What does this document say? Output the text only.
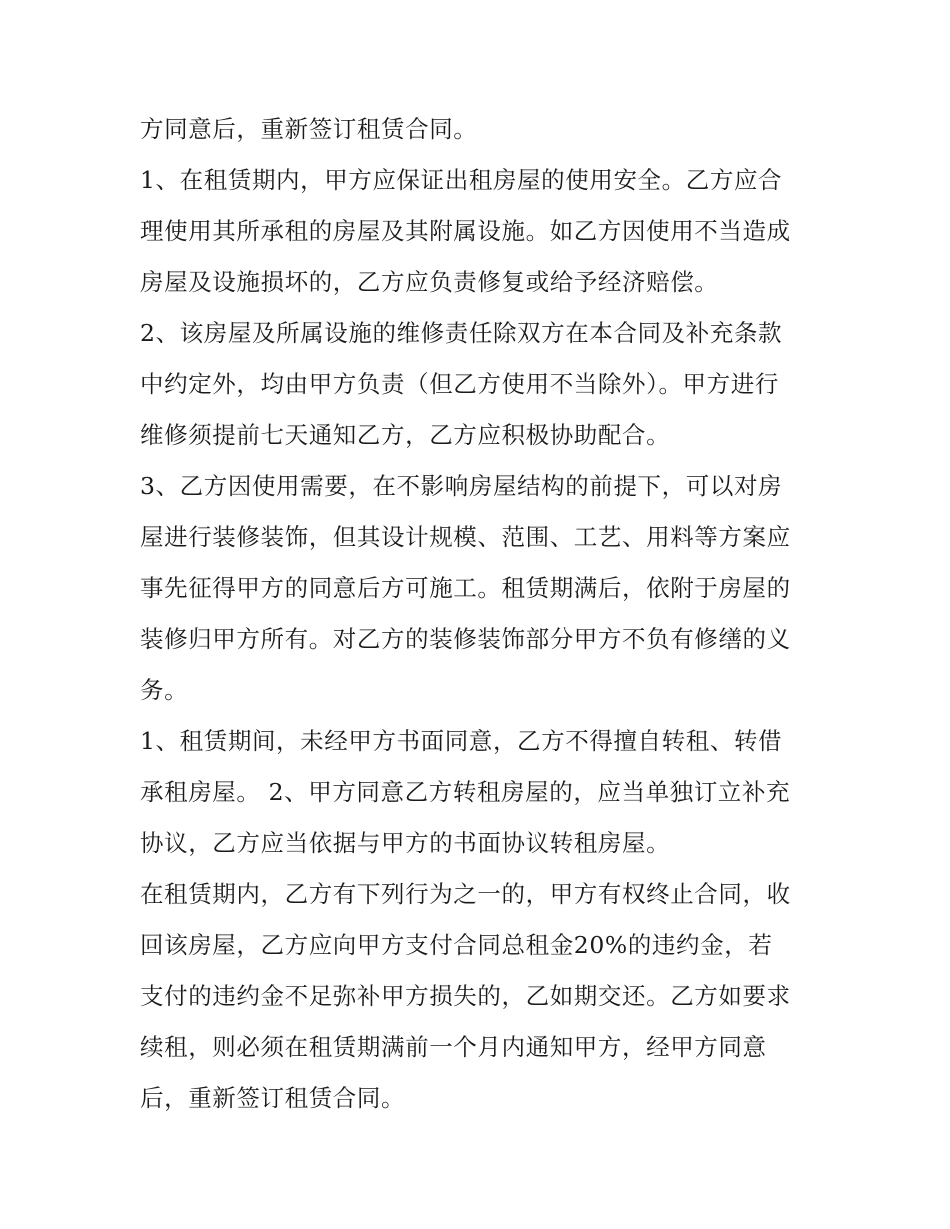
方同意后，重新签订租赁合同。
1、在租赁期内，甲方应保证出租房屋的使用安全。乙方应合
理使用其所承租的房屋及其附属设施。如乙方因使用不当造成
房屋及设施损坏的，乙方应负责修复或给予经济赔偿。
2、该房屋及所属设施的维修责任除双方在本合同及补充条款
中约定外，均由甲方负责（但乙方使用不当除外）。甲方进行
维修须提前七天通知乙方，乙方应积极协助配合。
3、乙方因使用需要，在不影响房屋结构的前提下，可以对房
屋进行装修装饰，但其设计规模、范围、工艺、用料等方案应
事先征得甲方的同意后方可施工。租赁期满后，依附于房屋的
装修归甲方所有。对乙方的装修装饰部分甲方不负有修缮的义
务。
1、租赁期间，未经甲方书面同意，乙方不得擅自转租、转借
承租房屋。 2、甲方同意乙方转租房屋的，应当单独订立补充
协议，乙方应当依据与甲方的书面协议转租房屋。
在租赁期内，乙方有下列行为之一的，甲方有权终止合同，收
回该房屋，乙方应向甲方支付合同总租金20%的违约金，若
支付的违约金不足弥补甲方损失的，乙如期交还。乙方如要求
续租，则必须在租赁期满前一个月内通知甲方，经甲方同意
后，重新签订租赁合同。
